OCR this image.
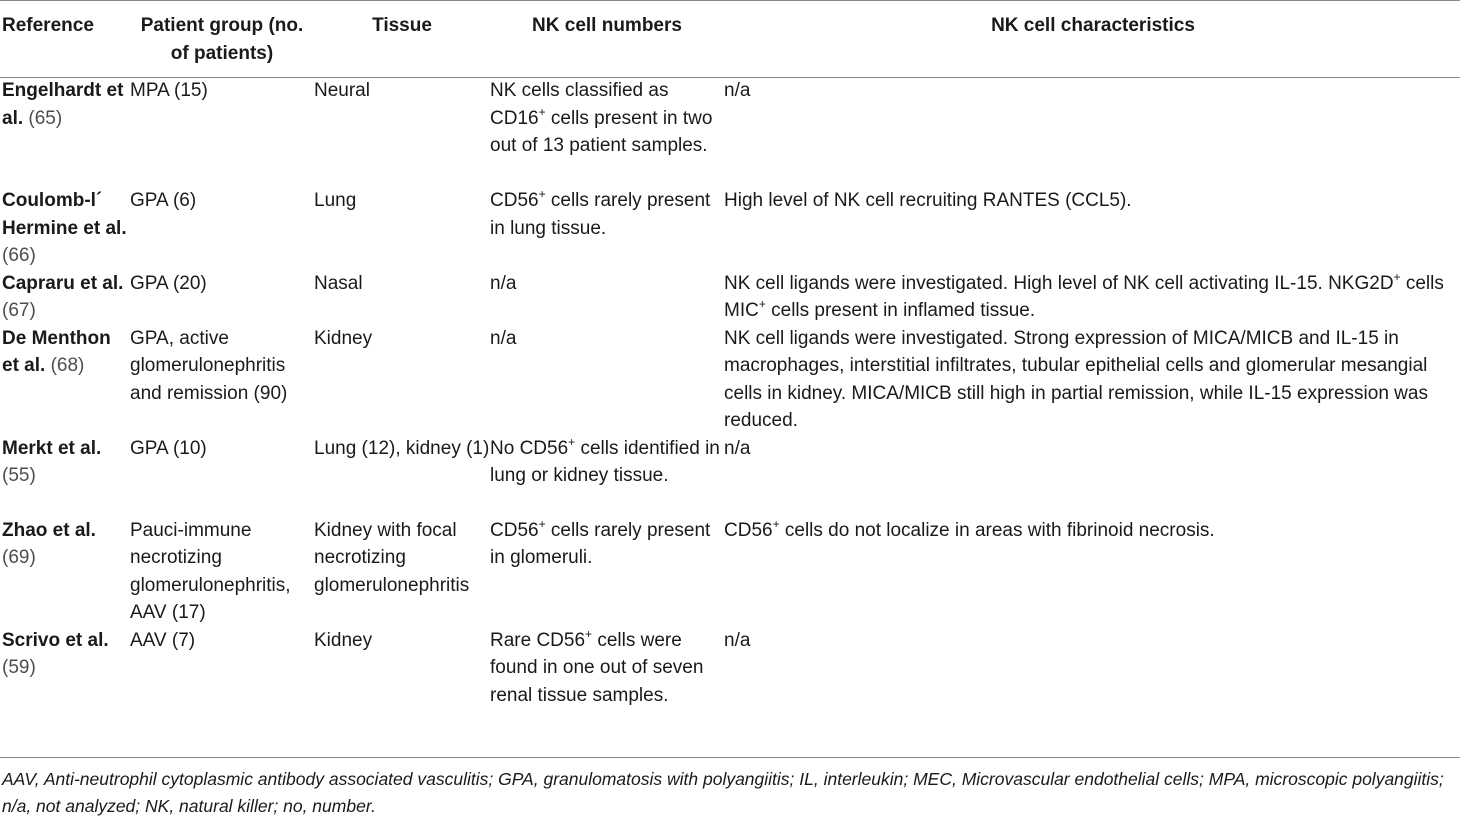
Reference	Patient group (no. of patients)	Tissue	NK cell numbers	NK cell characteristics
Engelhardt et al. (65)	MPA (15)	Neural	NK cells classified as CD16+ cells present in two out of 13 patient samples.	n/a
Coulomb-l´ Hermine et al. (66)	GPA (6)	Lung	CD56+ cells rarely present in lung tissue.	High level of NK cell recruiting RANTES (CCL5).
Capraru et al. (67)	GPA (20)	Nasal	n/a	NK cell ligands were investigated. High level of NK cell activating IL-15. NKG2D+ cells MIC+ cells present in inflamed tissue.
De Menthon et al. (68)	GPA, active glomerulonephritis and remission (90)	Kidney	n/a	NK cell ligands were investigated. Strong expression of MICA/MICB and IL-15 in macrophages, interstitial infiltrates, tubular epithelial cells and glomerular mesangial cells in kidney. MICA/MICB still high in partial remission, while IL-15 expression was reduced.
Merkt et al. (55)	GPA (10)	Lung (12), kidney (1)	No CD56+ cells identified in lung or kidney tissue.	n/a
Zhao et al. (69)	Pauci-immune necrotizing glomerulonephritis, AAV (17)	Kidney with focal necrotizing glomerulonephritis	CD56+ cells rarely present in glomeruli.	CD56+ cells do not localize in areas with fibrinoid necrosis.
Scrivo et al. (59)	AAV (7)	Kidney	Rare CD56+ cells were found in one out of seven renal tissue samples.	n/a
AAV, Anti-neutrophil cytoplasmic antibody associated vasculitis; GPA, granulomatosis with polyangiitis; IL, interleukin; MEC, Microvascular endothelial cells; MPA, microscopic polyangiitis; n/a, not analyzed; NK, natural killer; no, number.
